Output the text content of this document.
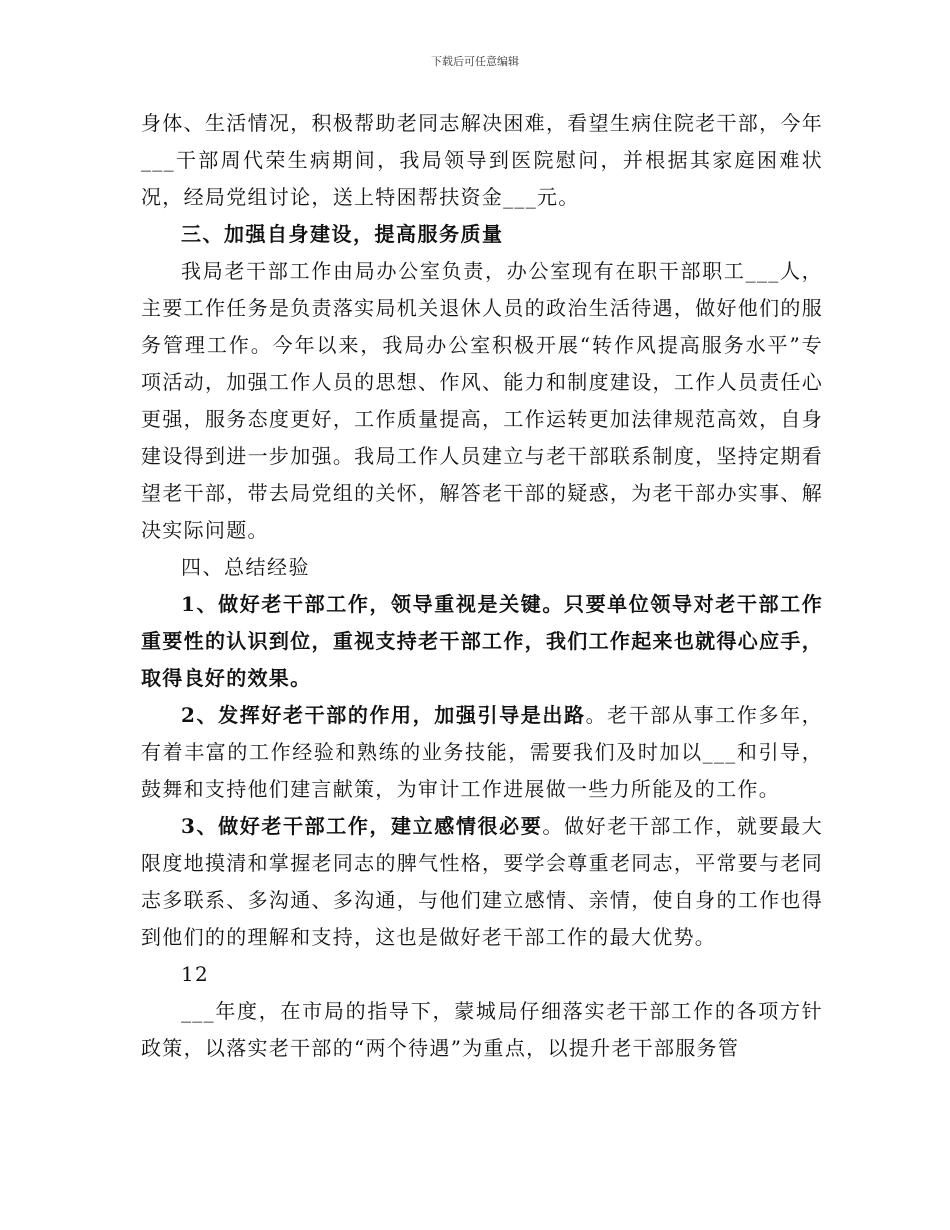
下载后可任意编辑

身体、生活情况，积极帮助老同志解决困难，看望生病住院老干部，今年___干部周代荣生病期间，我局领导到医院慰问，并根据其家庭困难状况，经局党组讨论，送上特困帮扶资金___元。

三、加强自身建设，提高服务质量

我局老干部工作由局办公室负责，办公室现有在职干部职工___人，主要工作任务是负责落实局机关退休人员的政治生活待遇，做好他们的服务管理工作。今年以来，我局办公室积极开展“转作风提高服务水平”专项活动，加强工作人员的思想、作风、能力和制度建设，工作人员责任心更强，服务态度更好，工作质量提高，工作运转更加法律规范高效，自身建设得到进一步加强。我局工作人员建立与老干部联系制度，坚持定期看望老干部，带去局党组的关怀，解答老干部的疑惑，为老干部办实事、解决实际问题。

四、总结经验

1、做好老干部工作，领导重视是关键。只要单位领导对老干部工作重要性的认识到位，重视支持老干部工作，我们工作起来也就得心应手，取得良好的效果。

2、发挥好老干部的作用，加强引导是出路。老干部从事工作多年，有着丰富的工作经验和熟练的业务技能，需要我们及时加以___和引导，鼓舞和支持他们建言献策，为审计工作进展做一些力所能及的工作。

3、做好老干部工作，建立感情很必要。做好老干部工作，就要最大限度地摸清和掌握老同志的脾气性格，要学会尊重老同志，平常要与老同志多联系、多沟通、多沟通，与他们建立感情、亲情，使自身的工作也得到他们的的理解和支持，这也是做好老干部工作的最大优势。

12

___年度，在市局的指导下，蒙城局仔细落实老干部工作的各项方针政策，以落实老干部的“两个待遇”为重点，以提升老干部服务管
